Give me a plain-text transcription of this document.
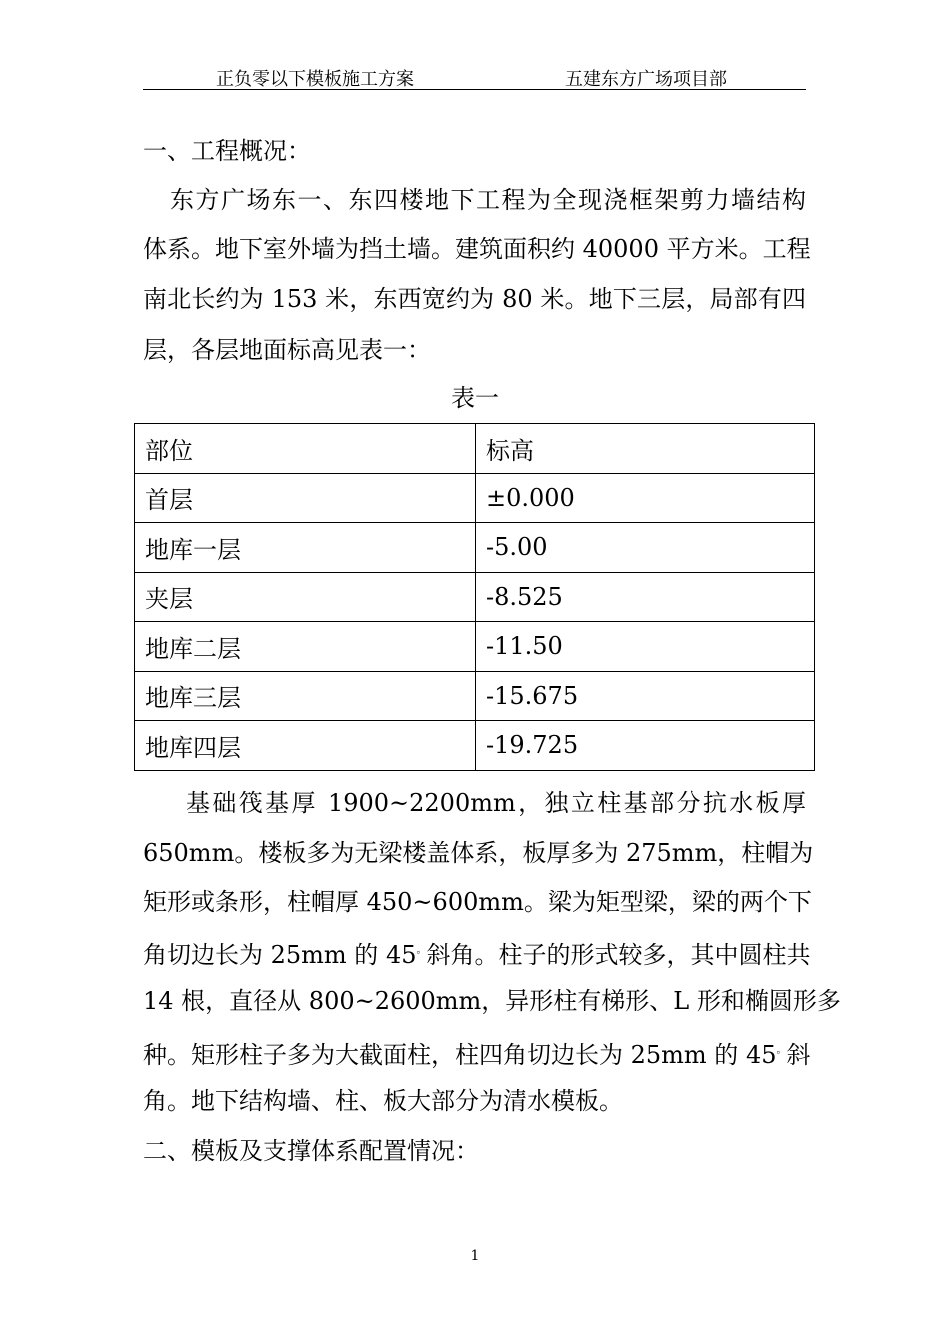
正负零以下模板施工方案	五建东方广场项目部
一、工程概况：
东方广场东一、东四楼地下工程为全现浇框架剪力墙结构
体系。地下室外墙为挡土墙。建筑面积约 40000 平方米。工程
南北长约为 153 米，东西宽约为 80 米。地下三层，局部有四
层，各层地面标高见表一：
表一
部位	标高
首层	±0.000
地库一层	-5.00
夹层	-8.525
地库二层	-11.50
地库三层	-15.675
地库四层	-19.725
基础筏基厚 1900~2200mm，独立柱基部分抗水板厚
650mm。楼板多为无梁楼盖体系，板厚多为 275mm，柱帽为
矩形或条形，柱帽厚 450~600mm。梁为矩型梁，梁的两个下
角切边长为 25mm 的 45。斜角。柱子的形式较多，其中圆柱共
14 根，直径从 800~2600mm，异形柱有梯形、L 形和椭圆形多
种。矩形柱子多为大截面柱，柱四角切边长为 25mm 的 45。斜
角。地下结构墙、柱、板大部分为清水模板。
二、模板及支撑体系配置情况：
1
